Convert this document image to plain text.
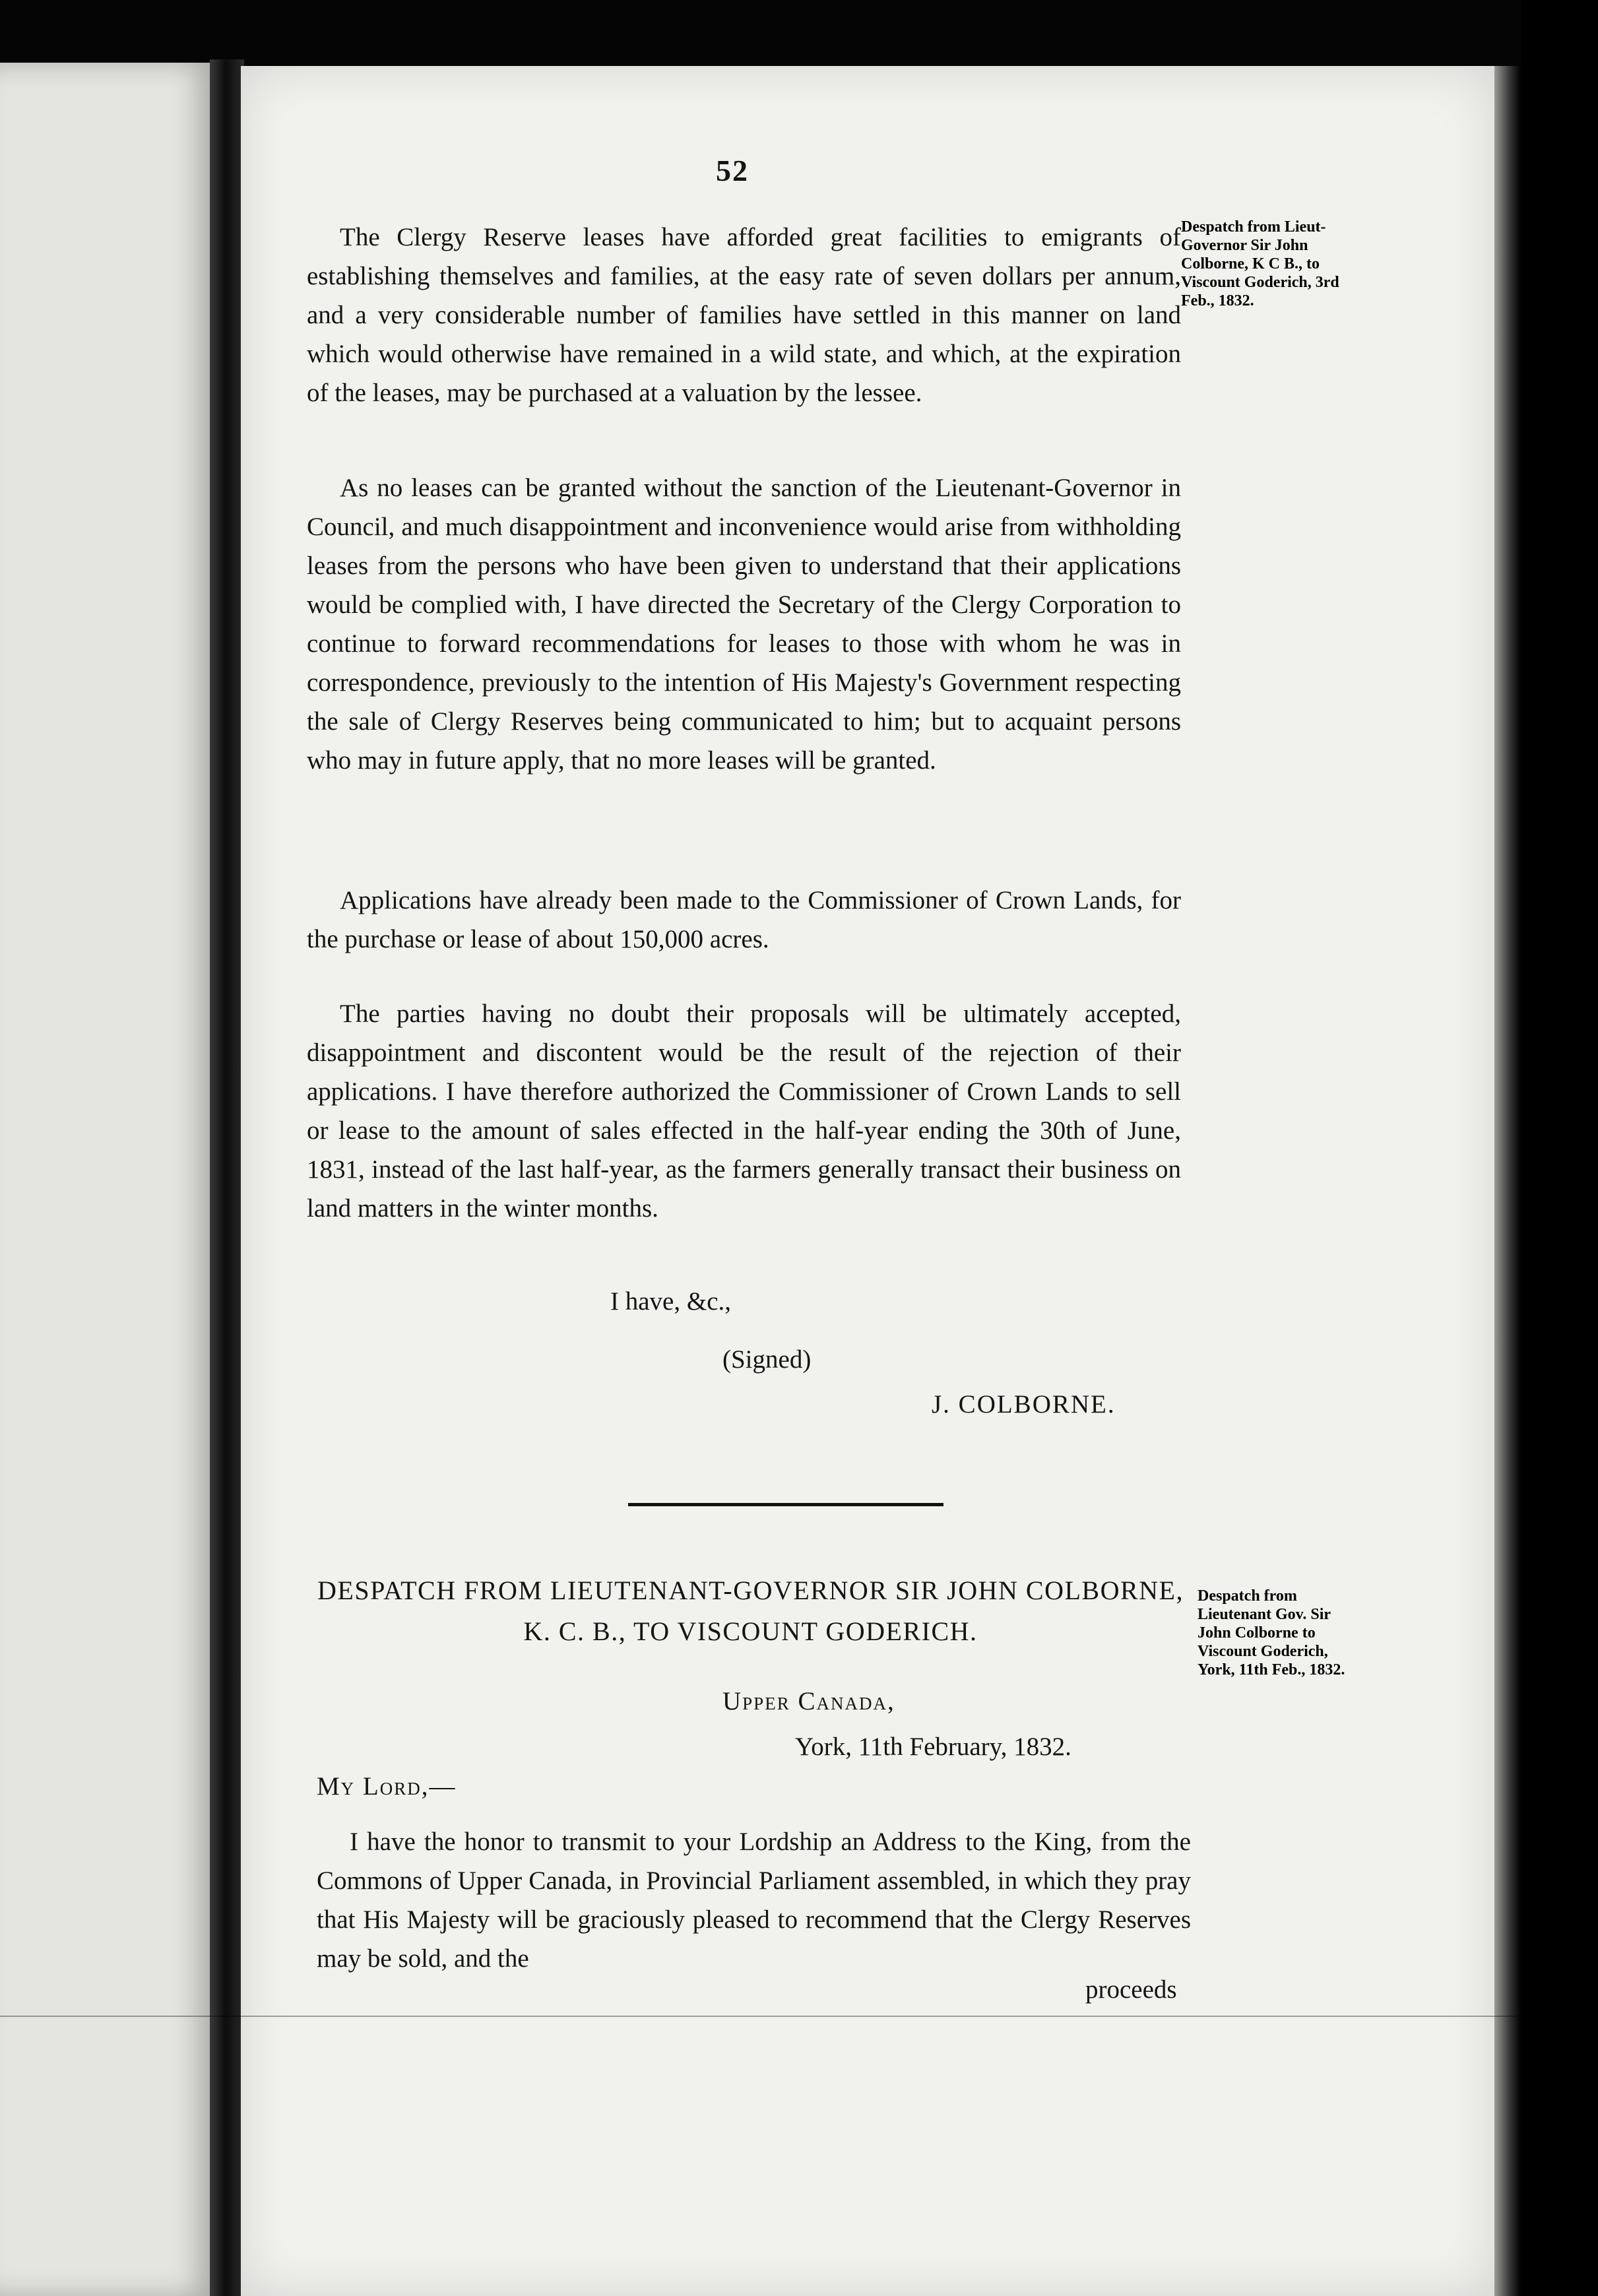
52

The Clergy Reserve leases have afforded great facilities to emigrants of establishing themselves and families, at the easy rate of seven dollars per annum, and a very considerable number of families have settled in this manner on land which would otherwise have remained in a wild state, and which, at the expiration of the leases, may be purchased at a valuation by the lessee.

Despatch from Lieut-Governor Sir John Colborne, K C B., to Viscount Goderich, 3rd Feb., 1832.

As no leases can be granted without the sanction of the Lieutenant-Governor in Council, and much disappointment and inconvenience would arise from withholding leases from the persons who have been given to understand that their applications would be complied with, I have directed the Secretary of the Clergy Corporation to continue to forward recommendations for leases to those with whom he was in correspondence, previously to the intention of His Majesty's Government respecting the sale of Clergy Reserves being communicated to him; but to acquaint persons who may in future apply, that no more leases will be granted.

Applications have already been made to the Commissioner of Crown Lands, for the purchase or lease of about 150,000 acres.

The parties having no doubt their proposals will be ultimately accepted, disappointment and discontent would be the result of the rejection of their applications. I have therefore authorized the Commissioner of Crown Lands to sell or lease to the amount of sales effected in the half-year ending the 30th of June, 1831, instead of the last half-year, as the farmers generally transact their business on land matters in the winter months.

I have, &c.,
(Signed)
J. COLBORNE.
DESPATCH FROM LIEUTENANT-GOVERNOR SIR JOHN COLBORNE, K. C. B., TO VISCOUNT GODERICH.
Despatch from Lieutenant Gov. Sir John Colborne to Viscount Goderich, York, 11th Feb., 1832.
Upper Canada,
York, 11th February, 1832.
My Lord,—

I have the honor to transmit to your Lordship an Address to the King, from the Commons of Upper Canada, in Provincial Parliament assembled, in which they pray that His Majesty will be graciously pleased to recommend that the Clergy Reserves may be sold, and the

proceeds
